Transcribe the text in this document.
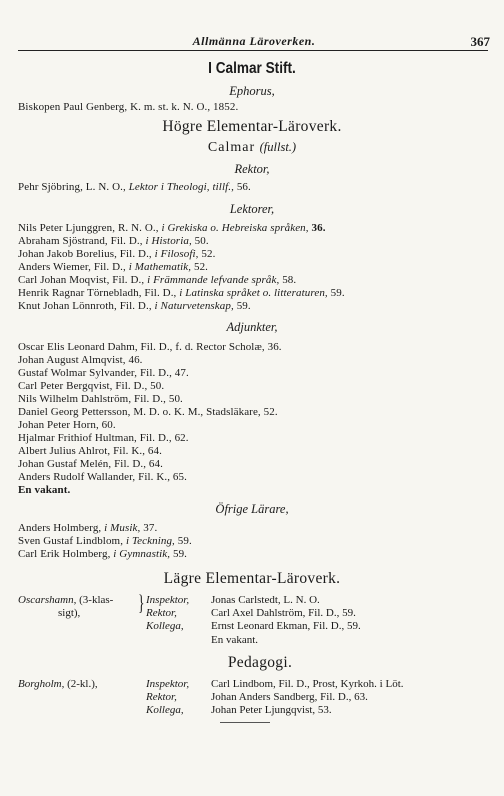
Allmänna Läroverken.	367
I Calmar Stift.
Ephorus,
Biskopen Paul Genberg, K. m. st. k. N. O., 1852.
Högre Elementar-Läroverk.
Calmar (fullst.)
Rektor,
Pehr Sjöbring, L. N. O., Lektor i Theologi, tillf., 56.
Lektorer,
Nils Peter Ljunggren, R. N. O., i Grekiska o. Hebreiska språken, 36.
Abraham Sjöstrand, Fil. D., i Historia, 50.
Johan Jakob Borelius, Fil. D., i Filosofi, 52.
Anders Wiemer, Fil. D., i Mathematik, 52.
Carl Johan Moqvist, Fil. D., i Främmande lefvande språk, 58.
Henrik Ragnar Törnebladh, Fil. D., i Latinska språket o. litteraturen, 59.
Knut Johan Lönnroth, Fil. D., i Naturvetenskap, 59.
Adjunkter,
Oscar Elis Leonard Dahm, Fil. D., f. d. Rector Scholæ, 36.
Johan August Almqvist, 46.
Gustaf Wolmar Sylvander, Fil. D., 47.
Carl Peter Bergqvist, Fil. D., 50.
Nils Wilhelm Dahlström, Fil. D., 50.
Daniel Georg Pettersson, M. D. o. K. M., Stadsläkare, 52.
Johan Peter Horn, 60.
Hjalmar Frithiof Hultman, Fil. D., 62.
Albert Julius Ahlrot, Fil. K., 64.
Johan Gustaf Melén, Fil. D., 64.
Anders Rudolf Wallander, Fil. K., 65.
En vakant.
Öfrige Lärare,
Anders Holmberg, i Musik, 37.
Sven Gustaf Lindblom, i Teckning, 59.
Carl Erik Holmberg, i Gymnastik, 59.
Lägre Elementar-Läroverk.
Oscarshamn, (3-klas-
sigt),	} Inspektor, Jonas Carlstedt, L. N. O.
Rektor,	Carl Axel Dahlström, Fil. D., 59.
Kollega, Ernst Leonard Ekman, Fil. D., 59.
En vakant.
Pedagogi.
Borgholm, (2-kl.),	Inspektor, Carl Lindbom, Fil. D., Prost, Kyrkoh. i Löt.
Rektor,	Johan Anders Sandberg, Fil. D., 63.
Kollega, Johan Peter Ljungqvist, 53.
